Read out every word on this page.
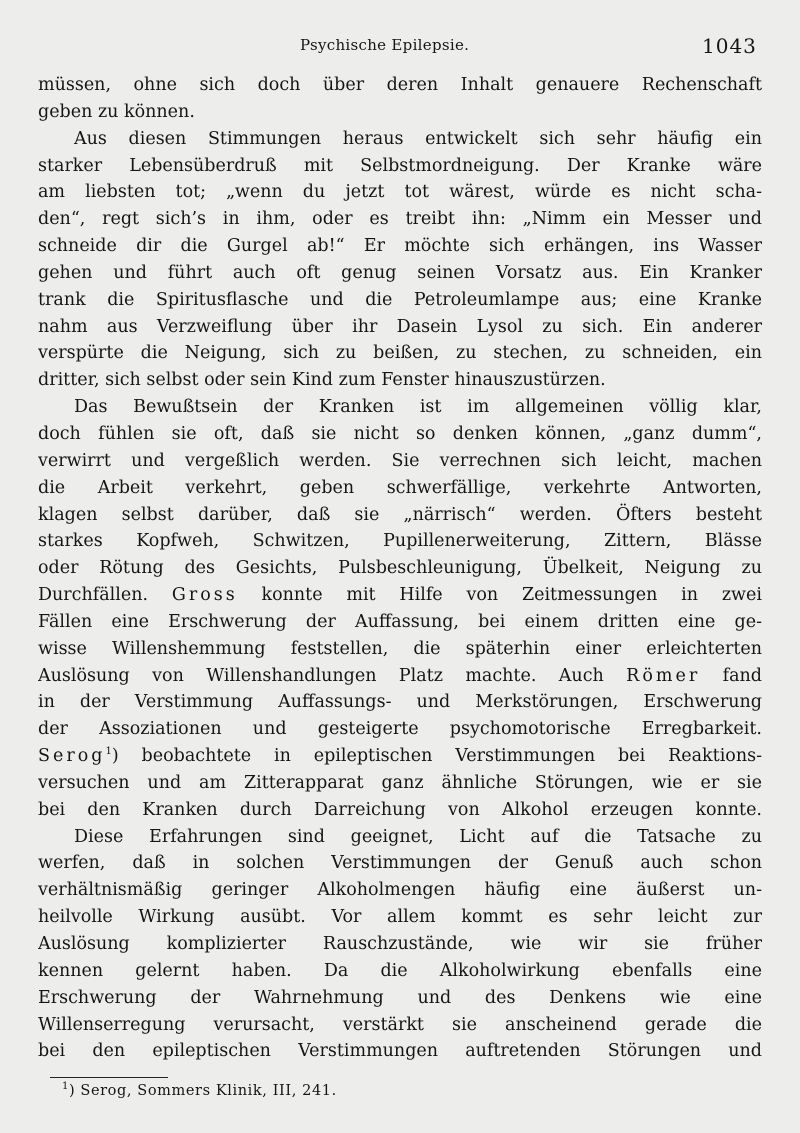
Psychische Epilepsie.	1043
müssen, ohne sich doch über deren Inhalt genauere Rechenschaft
geben zu können.
Aus diesen Stimmungen heraus entwickelt sich sehr häufig ein
starker Lebensüberdruß mit Selbstmordneigung. Der Kranke wäre
am liebsten tot; „wenn du jetzt tot wärest, würde es nicht scha-
den“, regt sich’s in ihm, oder es treibt ihn: „Nimm ein Messer und
schneide dir die Gurgel ab!“ Er möchte sich erhängen, ins Wasser
gehen und führt auch oft genug seinen Vorsatz aus. Ein Kranker
trank die Spiritusflasche und die Petroleumlampe aus; eine Kranke
nahm aus Verzweiflung über ihr Dasein Lysol zu sich. Ein anderer
verspürte die Neigung, sich zu beißen, zu stechen, zu schneiden, ein
dritter, sich selbst oder sein Kind zum Fenster hinauszustürzen.
Das Bewußtsein der Kranken ist im allgemeinen völlig klar,
doch fühlen sie oft, daß sie nicht so denken können, „ganz dumm“,
verwirrt und vergeßlich werden. Sie verrechnen sich leicht, machen
die Arbeit verkehrt, geben schwerfällige, verkehrte Antworten,
klagen selbst darüber, daß sie „närrisch“ werden. Öfters besteht
starkes Kopfweh, Schwitzen, Pupillenerweiterung, Zittern, Blässe
oder Rötung des Gesichts, Pulsbeschleunigung, Übelkeit, Neigung zu
Durchfällen. Gross konnte mit Hilfe von Zeitmessungen in zwei
Fällen eine Erschwerung der Auffassung, bei einem dritten eine ge-
wisse Willenshemmung feststellen, die späterhin einer erleichterten
Auslösung von Willenshandlungen Platz machte. Auch Römer fand
in der Verstimmung Auffassungs- und Merkstörungen, Erschwerung
der Assoziationen und gesteigerte psychomotorische Erregbarkeit.
Serog$^1$) beobachtete in epileptischen Verstimmungen bei Reaktions-
versuchen und am Zitterapparat ganz ähnliche Störungen, wie er sie
bei den Kranken durch Darreichung von Alkohol erzeugen konnte.
Diese Erfahrungen sind geeignet, Licht auf die Tatsache zu
werfen, daß in solchen Verstimmungen der Genuß auch schon
verhältnismäßig geringer Alkoholmengen häufig eine äußerst un-
heilvolle Wirkung ausübt. Vor allem kommt es sehr leicht zur
Auslösung komplizierter Rauschzustände, wie wir sie früher
kennen gelernt haben. Da die Alkoholwirkung ebenfalls eine
Erschwerung der Wahrnehmung und des Denkens wie eine
Willenserregung verursacht, verstärkt sie anscheinend gerade die
bei den epileptischen Verstimmungen auftretenden Störungen und
$^1$) Serog, Sommers Klinik, III, 241.
